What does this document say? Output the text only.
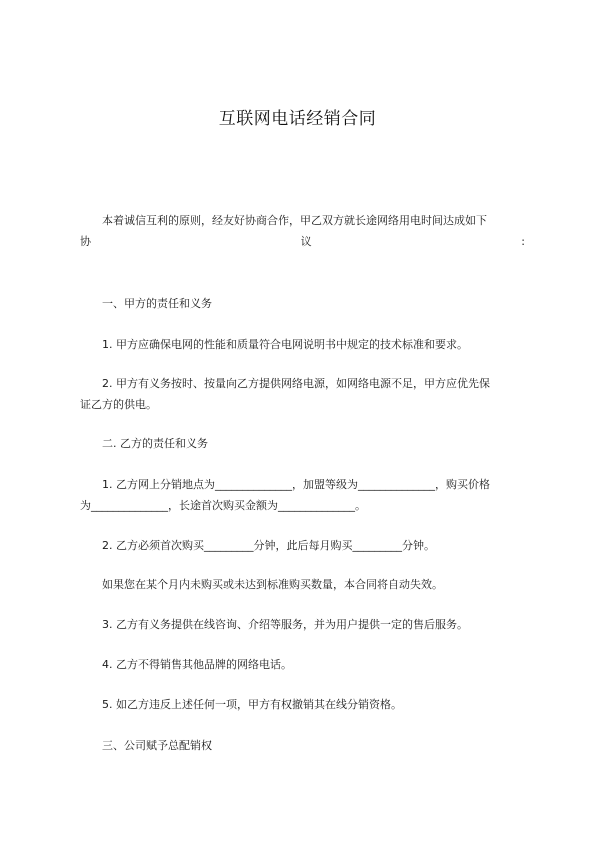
互联网电话经销合同
本着诚信互利的原则，经友好协商合作，甲乙双方就长途网络用电时间达成如下
协	议	:
一、甲方的责任和义务
1. 甲方应确保电网的性能和质量符合电网说明书中规定的技术标准和要求。
2. 甲方有义务按时、按量向乙方提供网络电源，如网络电源不足，甲方应优先保
证乙方的供电。
二. 乙方的责任和义务
1. 乙方网上分销地点为______________，加盟等级为______________，购买价格
为______________，长途首次购买金额为______________。
2. 乙方必须首次购买_________分钟，此后每月购买_________分钟。
如果您在某个月内未购买或未达到标准购买数量，本合同将自动失效。
3. 乙方有义务提供在线咨询、介绍等服务，并为用户提供一定的售后服务。
4. 乙方不得销售其他品牌的网络电话。
5. 如乙方违反上述任何一项，甲方有权撤销其在线分销资格。
三、公司赋予总配销权
